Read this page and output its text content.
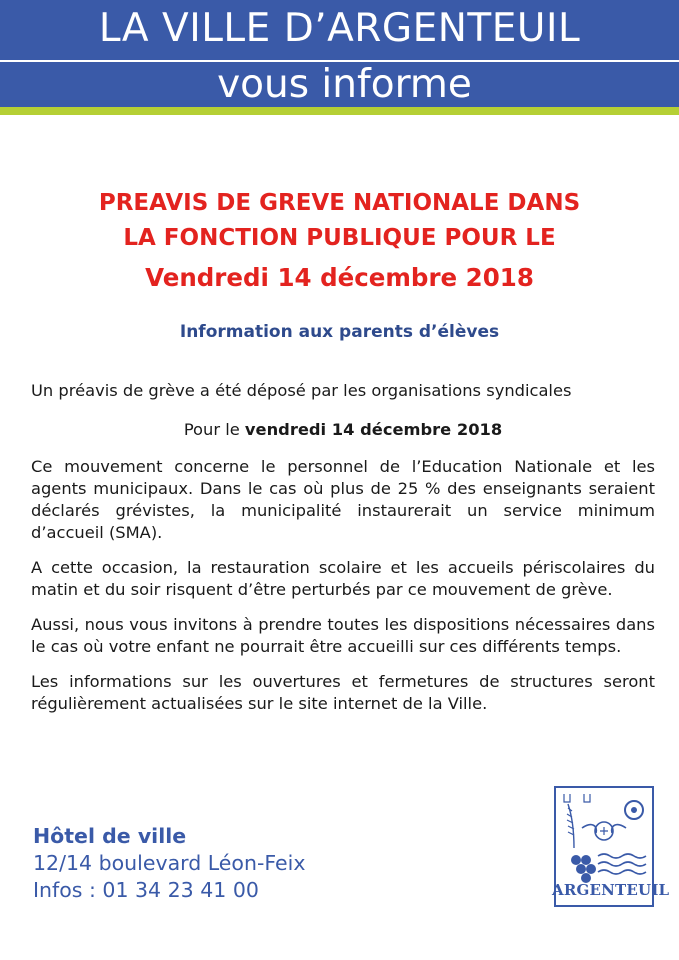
LA VILLE D’ARGENTEUIL
vous informe
PREAVIS DE GREVE NATIONALE DANS
LA FONCTION PUBLIQUE POUR LE
Vendredi 14 décembre 2018
Information aux parents d’élèves

Un préavis de grève a été déposé par les organisations syndicales

Pour le vendredi 14 décembre 2018

Ce mouvement concerne le personnel de l’Education Nationale et les agents municipaux. Dans le cas où plus de 25 % des enseignants seraient déclarés grévistes, la municipalité instaurerait un service minimum d’accueil (SMA).

A cette occasion, la restauration scolaire et les accueils périscolaires du matin et du soir risquent d’être perturbés par ce mouvement de grève.

Aussi, nous vous invitons à prendre toutes les dispositions nécessaires dans le cas où votre enfant ne pourrait être accueilli sur ces différents temps.

Les informations sur les ouvertures et fermetures de structures seront régulièrement actualisées sur le site internet de la Ville.

Hôtel de ville
12/14 boulevard Léon-Feix
Infos : 01 34 23 41 00	ARGENTEUIL
